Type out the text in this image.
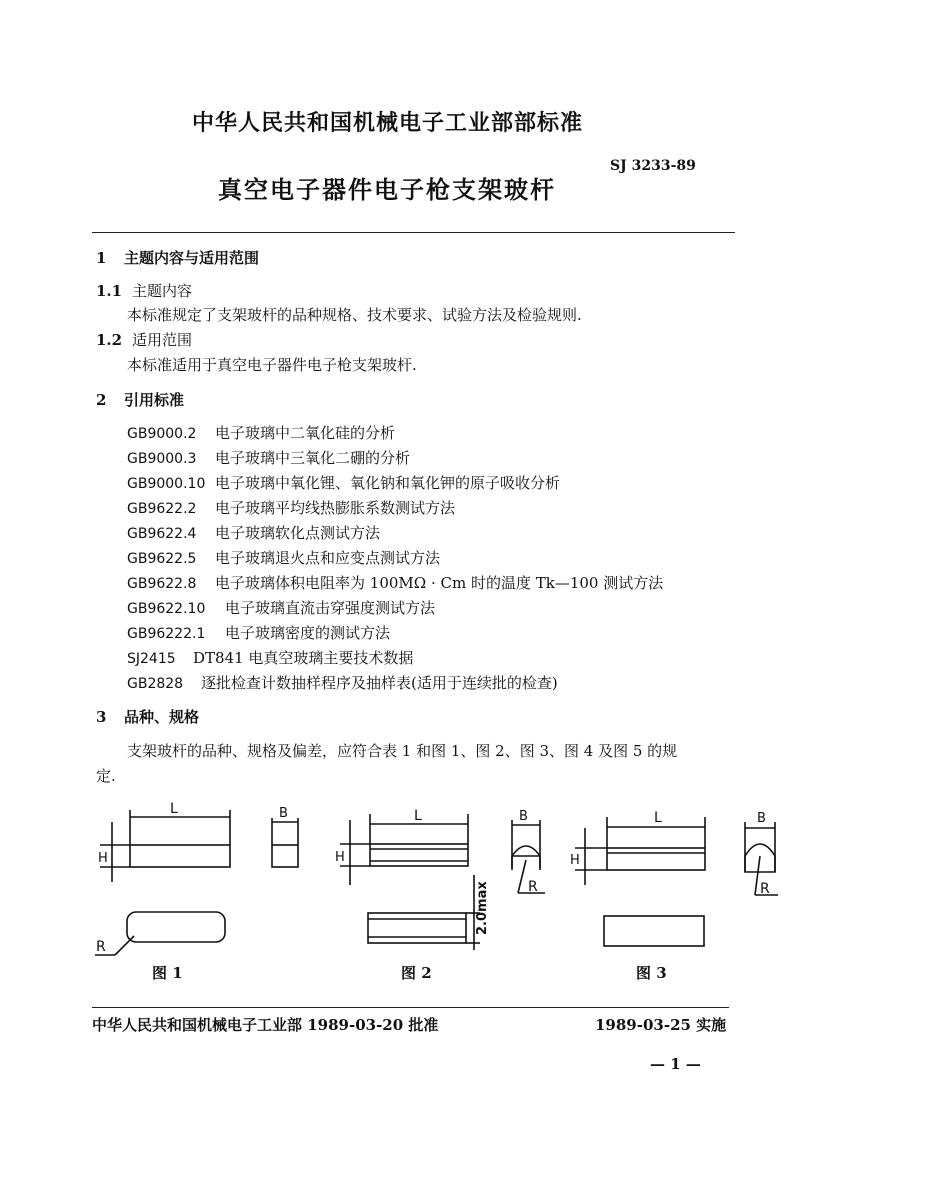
中华人民共和国机械电子工业部部标准
SJ 3233-89
真空电子器件电子枪支架玻杆
1 主题内容与适用范围
1.1 主题内容
本标准规定了支架玻杆的品种规格、技术要求、试验方法及检验规则.
1.2 适用范围
本标准适用于真空电子器件电子枪支架玻杆.
2 引用标准
GB9000.2 电子玻璃中二氧化硅的分析
GB9000.3 电子玻璃中三氧化二硼的分析
GB9000.10 电子玻璃中氧化锂、氧化钠和氧化钾的原子吸收分析
GB9622.2 电子玻璃平均线热膨胀系数测试方法
GB9622.4 电子玻璃软化点测试方法
GB9622.5 电子玻璃退火点和应变点测试方法
GB9622.8 电子玻璃体积电阻率为 100MΩ · Cm 时的温度 Tk—100 测试方法
GB9622.10 电子玻璃直流击穿强度测试方法
GB96222.1 电子玻璃密度的测试方法
SJ2415 DT841 电真空玻璃主要技术数据
GB2828 逐批检查计数抽样程序及抽样表(适用于连续批的检查)
3 品种、规格
支架玻杆的品种、规格及偏差，应符合表 1 和图 1、图 2、图 3、图 4 及图 5 的规
定.
L
H
B
R
L
H
B
R
2.0max
L
H
B
R
图 1	图 2	图 3
中华人民共和国机械电子工业部 1989-03-20 批准	1989-03-25 实施
— 1 —
